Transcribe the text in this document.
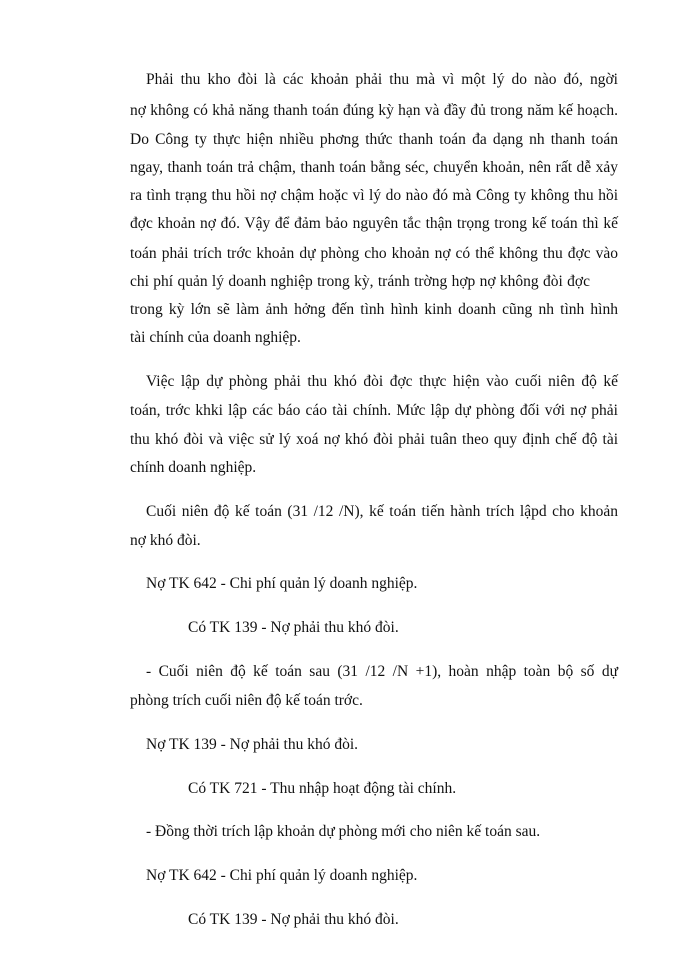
Phải thu kho đòi là các khoản phải thu mà vì một lý do nào đó, ngời
nợ không có khả năng thanh toán đúng kỳ hạn và đầy đủ trong năm kế hoạch.
Do Công ty thực hiện nhiều phơng thức thanh toán đa dạng nh thanh toán
ngay, thanh toán trả chậm, thanh toán bằng séc, chuyển khoản, nên rất dễ xảy
ra tình trạng thu hồi nợ chậm hoặc vì lý do nào đó mà Công ty không thu hồi
đợc khoản nợ đó. Vậy để đảm bảo nguyên tắc thận trọng trong kế toán thì kế
toán phải trích trớc khoản dự phòng cho khoản nợ có thể không thu đợc vào
chi phí quản lý doanh nghiệp trong kỳ, tránh trờng hợp nợ không đòi đợc
trong kỳ lớn sẽ làm ảnh hởng đến tình hình kinh doanh cũng nh tình hình
tài chính của doanh nghiệp.
Việc lập dự phòng phải thu khó đòi đợc thực hiện vào cuối niên độ kế
toán, trớc khki lập các báo cáo tài chính. Mức lập dự phòng đối với nợ phải
thu khó đòi và việc sử lý xoá nợ khó đòi phải tuân theo quy định chế độ tài
chính doanh nghiệp.
Cuối niên độ kế toán (31 /12 /N), kế toán tiến hành trích lậpd cho khoản
nợ khó đòi.
Nợ TK 642 - Chi phí quản lý doanh nghiệp.
Có TK 139 - Nợ phải thu khó đòi.
- Cuối niên độ kế toán sau (31 /12 /N +1), hoàn nhập toàn bộ số dự
phòng trích cuối niên độ kế toán trớc.
Nợ TK 139 - Nợ phải thu khó đòi.
Có TK 721 - Thu nhập hoạt động tài chính.
- Đồng thời trích lập khoản dự phòng mới cho niên kế toán sau.
Nợ TK 642 - Chi phí quản lý doanh nghiệp.
Có TK 139 - Nợ phải thu khó đòi.
